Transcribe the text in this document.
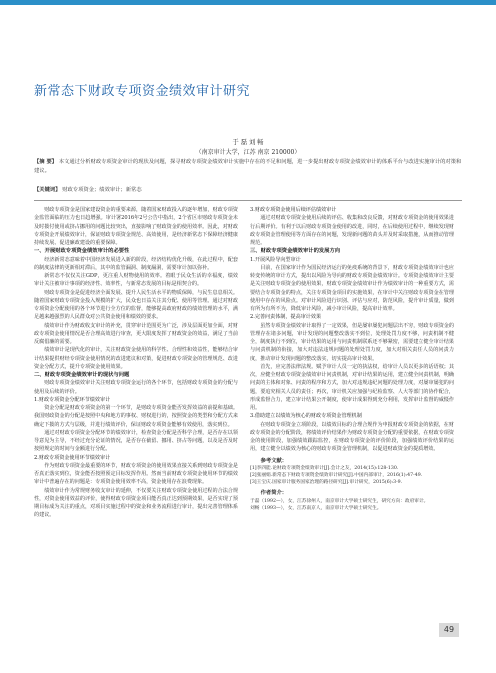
新常态下财政专项资金绩效审计研究
于 磊 刘 畅
（南京审计大学，江苏 南京 210000）
【摘 要】 本文通过分析财政专项资金审计的现状及问题，探寻财政专项资金绩效审计实施中存在的不足和问题，进一步提出财政专项资金绩效审计的体系平台与改进实施审计的对策和建议。
【关键词】 财政专项资金；绩效审计；新常态

财政专项资金是国家建设资金的重要来源，随着国家财政投入的逐年增加，财政专项资金监管面临的压力也日趋增强。审计署2016年2号公告中指出，2个省区市财政专项资金未及时拨付使用或挤占挪用的问题比较突出，直接影响了财政资金的使用效率。因此，对财政专项资金开展绩效审计，保证财政专项资金规范、高效使用，是经济新常态下保障经济健康持续发展、促进廉政建设的重要保障。

一、开展财政专项资金绩效审计的必要性

经济新常态意味着中国经济发展进入新的阶段，经济结构优化升级，在此过程中，配套的制度法律的更新相对滞后，其中的监管漏洞、制度漏洞，需要审计加以弥补。

新常态不仅仅关注GDP，更注重人财物使用的效率。着眼于民众生活的幸福度，绩效审计关注被审计事项的经济性、效率性，与新常态发展的目标是相契合的。

财政专项资金是促进经济全面发展、提升人民生活水平的物质保障，与民生息息相关。随着国家财政专项资金投入规模的扩大，民众也日益关注其分配、使用等管理。通过对财政专项资金分配使用的各个环节进行全方位的监督，能够提高政府财政的绩效管理的水平，满足越来越强烈的人民群众对公共资金使用和绩效的要求。

绩效审计作为财政收支审计的补充，贯穿审计范围更为广泛，涉及层面更加全面，对财政专项资金使用情况是否合理高效进行审查，更大限度发挥了财政资金的效益，满足了当前反腐倡廉的需要。

绩效审计是现代化的审计，关注财政资金使用的科学性、合理性和效益性，能够结合审计结果提供财经专项资金使用情况的改进建议和对策，促进财政专项资金的管理规范、改进资金分配方式，提升专项资金使用效果。

二、财政专项资金绩效审计的现状与问题

财政专项资金绩效审计关注财政专项资金运行的各个环节，包括财政专项资金的分配与使用及后续的评价。

1.财政专项资金分配环节绩效审计

资金分配是财政专项资金的第一个环节，是财政专项资金能否发挥效益的前提和基础。我国财政资金的分配是按照中央和地方的事权、财权进行的，按照资金的类型和分配方式来确定下拨的方式与层级，并进行绩效评价，保证财政专项资金能够有效使用，落实到位。

通过对财政专项资金分配环节的绩效审计，检查资金分配是否科学合理，是否存在以领导意见为主导，不经过充分论证的情况，是否存在截留、挪用、挤占等问题，以及是否及时按照规定的时间与金额进行分配。

2.财政专项资金使用环节绩效审计

作为财政专项资金最重要的环节，财政专项资金的使用效果直接关系到财政专项资金是否真正落实到位，资金能否按照预定目标发挥作用。然而当前财政专项资金使用环节的绩效审计中普遍存在的问题是：专项资金使用效率不高，资金使用存在浪费现象。

绩效审计作为常规财务收支审计的延伸，不仅要关注财政专项资金使用过程的合法合规性，对资金使用效益的评价，使得财政专项资金项目能否真正达到预期效果，是否实现了预期目标成为关注的重点，对项目实施过程中的资金和业务流程进行审计，提出完善管理体系的建议。

3.财政专项资金使用后续评估绩效审计

通过对财政专项资金使用后续的评估、收集和改良反馈，对财政专项资金的使用效果进行后期评价。有利于以后财政专项资金使用的改进，同时，在后续使用过程中，继续发现财政专项资金管理使用等方面存在的问题，发现新问题的苗头并及时采取措施，从而推动管理规范。

三、财政专项资金绩效审计的发展方向
1.开展风险导向型审计

目前，在国家审计作为国民经济运行的免疫系统的背景下，财政专项资金绩效审计也应转变传统的审计方式，提出以风险为导向的财政专项资金绩效审计。专项资金绩效审计主要是关注财政专项资金的使用效果，财政专项资金绩效审计作为绩效审计的一种重要方式，需要结合专项资金的特点，关注专项资金项目的实施效果，在审计中关注财政专项资金在管理使用中存在的风险点。对审计风险进行识别、评估与应对，防范风险，提升审计质量，做到有所为有所不为，降低审计风险，减小审计风险，提高审计效率。

2.完善问责体制，提高审计效果

虽然专项资金绩效审计取得了一定效果，但是屡审屡犯问题层出不穷，财政专项资金的管理存在诸多问题，审计发现的问题整改落实不到位，处理处罚力度不够，问责机制不健全，制度执行不到位，审计结果的运用与问责机制联系还不够紧密，需要建立健全审计结果与问责机制的衔接，加大对违法违规问题的处理处罚力度，加大对相关责任人员的问责力度，推动审计发现问题的整改落实，切实提高审计效果。

首先，应完善法律法规。赋予审计人员一定的执法权，给审计人员以更多的话语权；其次，应健全财政专项资金绩效审计问责机制，对审计结果的运用，建立健全问责机制，明确问责的主体和对象、问责的程序和方式，加大对违规违纪问题的处理力度，对屡审屡犯的问题，要追究相关人员的责任；再次，审计机关应加强与纪检监察、人大等部门的协作配合，形成监督合力，建立审计结果公开制度，使审计成果得到充分利用，发挥审计监督的威慑作用。

3.借助建立以绩效为核心的财政专项资金管理机制

在财政专项资金立项阶段，以绩效目标的合理合规作为申报财政专项资金的依据，在财政专项资金的分配阶段，将绩效评价结果作为财政专项资金分配的重要依据，在财政专项资金的使用阶段，加强绩效跟踪监控，在财政专项资金的评价阶段，加强绩效评价结果的运用，建立健全以绩效为核心的财政专项资金管理机制，以促进财政资金的提质增效。

参考文献：

[1]李四能.论财政专项资金绩效审计[J].会计之友，2014(15):128-130.

[2]张丽娟.新常态下财政专项资金绩效审计研究[J].中国内部审计，2016(1):47-49.

[3]王宝庆.国家审计服务国家治理的路径研究[J].审计研究，2015(6):3-9.

作者简介：

于磊（1992—），女，江苏徐州人，南京审计大学硕士研究生，研究方向：政府审计。

刘畅（1993—），女，江苏南京人，南京审计大学硕士研究生。

49
